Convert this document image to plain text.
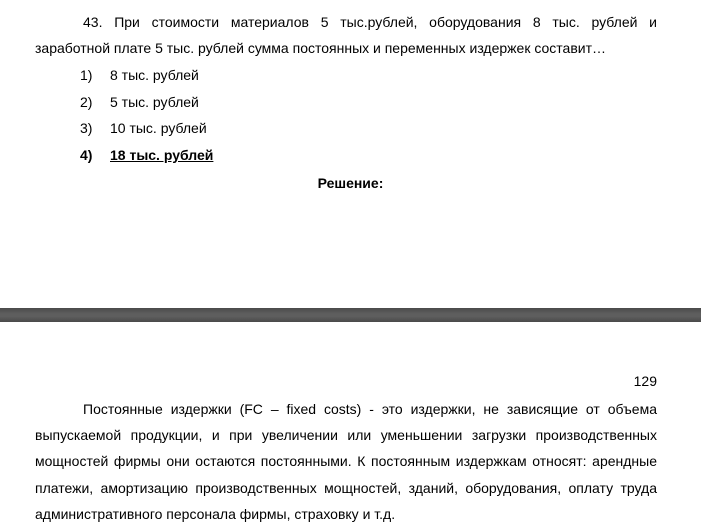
43. При стоимости материалов 5 тыс.рублей, оборудования 8 тыс. рублей и заработной плате 5 тыс. рублей сумма постоянных и переменных издержек составит…

1)	8 тыс. рублей
2)	5 тыс. рублей
3)	10 тыс. рублей
4)	18 тыс. рублей
Решение:
129

Постоянные издержки (FC – fixed costs) - это издержки, не зависящие от объема выпускаемой продукции, и при увеличении или уменьшении загрузки производственных мощностей фирмы они остаются постоянными. К постоянным издержкам относят: арендные платежи, амортизацию производственных мощностей, зданий, оборудования, оплату труда административного персонала фирмы, страховку и т.д.
